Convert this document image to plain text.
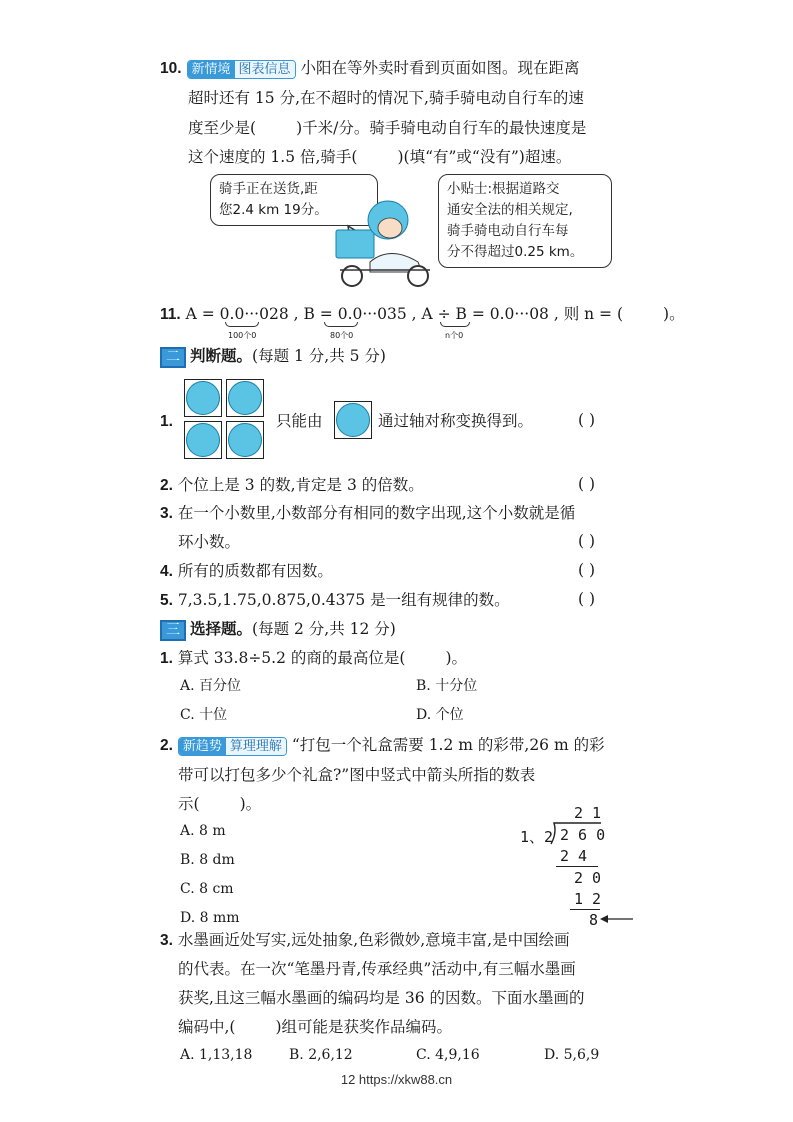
10. 新情境 图表信息 小阳在等外卖时看到页面如图。现在距离
超时还有 15 分,在不超时的情况下,骑手骑电动自行车的速
度至少是(	)千米/分。骑手骑电动自行车的最快速度是
这个速度的 1.5 倍,骑手(	)(填“有”或“没有”)超速。
骑手正在送货,距
您2.4 km 19分。
小贴士:根据道路交
通安全法的相关规定,
骑手骑电动自行车每
分不得超过0.25 km。
11. A = 0.0···028 , B = 0.0···035 , A ÷ B = 0.0···08 , 则 n = (	)。
100个0	80个0	n个0
二 判断题。(每题 1 分,共 5 分)
1.	只能由	通过轴对称变换得到。	( )
2. 个位上是 3 的数,肯定是 3 的倍数。	( )
3. 在一个小数里,小数部分有相同的数字出现,这个小数就是循
环小数。	( )
4. 所有的质数都有因数。	( )
5. 7,3.5,1.75,0.875,0.4375 是一组有规律的数。	( )
三 选择题。(每题 2 分,共 12 分)
1. 算式 33.8÷5.2 的商的最高位是(	)。
A. 百分位	B. 十分位
C. 十位	D. 个位
2. 新趋势 算理理解 “打包一个礼盒需要 1.2 m 的彩带,26 m 的彩
带可以打包多少个礼盒?”图中竖式中箭头所指的数表
示(	)。
A. 8 m
B. 8 dm
C. 8 cm
D. 8 mm
2 1
1、2 2 6 0
2 4
2 0
1 2
8
3. 水墨画近处写实,远处抽象,色彩微妙,意境丰富,是中国绘画
的代表。在一次“笔墨丹青,传承经典”活动中,有三幅水墨画
获奖,且这三幅水墨画的编码均是 36 的因数。下面水墨画的
编码中,(	)组可能是获奖作品编码。
A. 1,13,18	B. 2,6,12	C. 4,9,16	D. 5,6,9
12 https://xkw88.cn
